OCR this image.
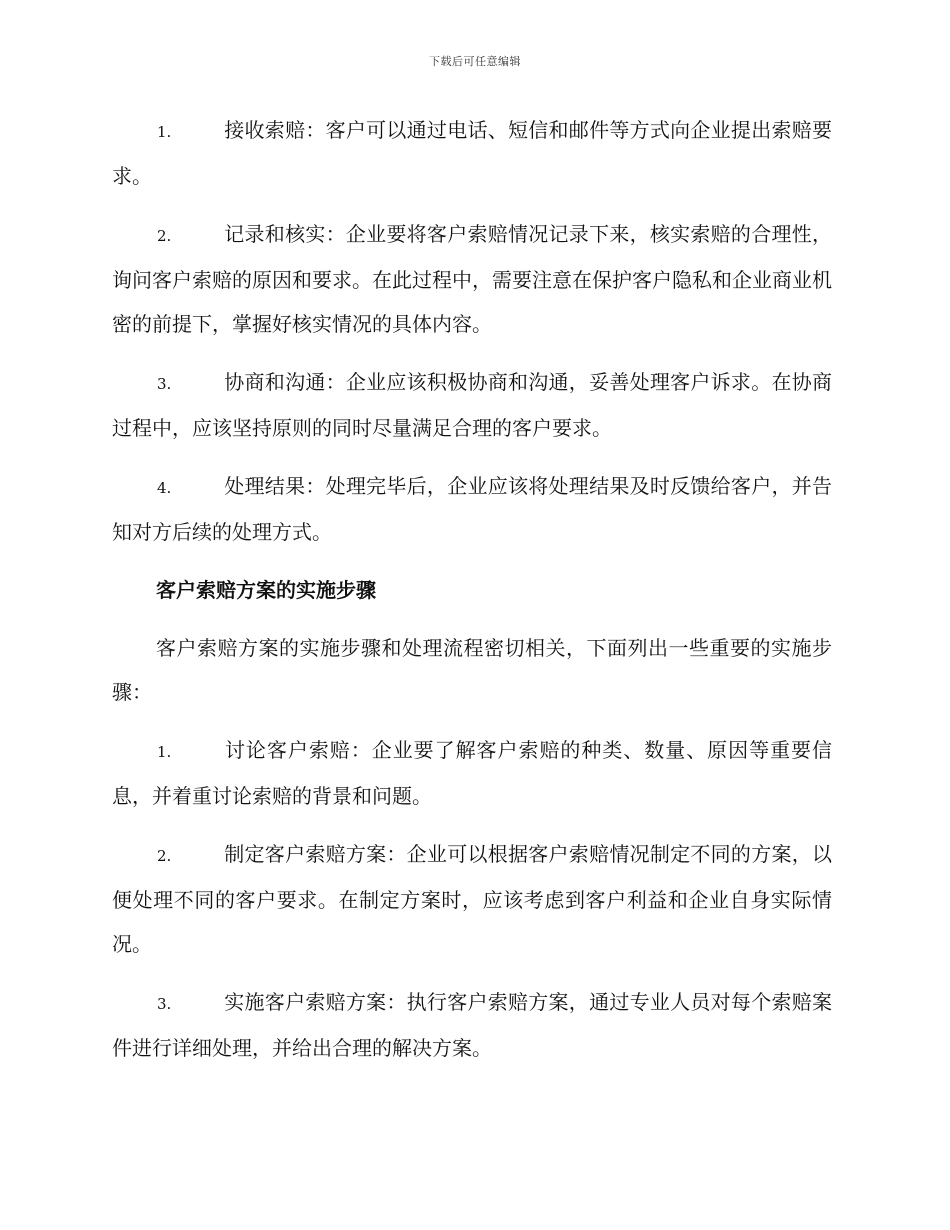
下载后可任意编辑
1.	接收索赔：客户可以通过电话、短信和邮件等方式向企业提出索赔要求。
2.	记录和核实：企业要将客户索赔情况记录下来，核实索赔的合理性，询问客户索赔的原因和要求。在此过程中，需要注意在保护客户隐私和企业商业机密的前提下，掌握好核实情况的具体内容。
3.	协商和沟通：企业应该积极协商和沟通，妥善处理客户诉求。在协商过程中，应该坚持原则的同时尽量满足合理的客户要求。
4.	处理结果：处理完毕后，企业应该将处理结果及时反馈给客户，并告知对方后续的处理方式。
客户索赔方案的实施步骤
客户索赔方案的实施步骤和处理流程密切相关，下面列出一些重要的实施步骤：
1.	讨论客户索赔：企业要了解客户索赔的种类、数量、原因等重要信息，并着重讨论索赔的背景和问题。
2.	制定客户索赔方案：企业可以根据客户索赔情况制定不同的方案，以便处理不同的客户要求。在制定方案时，应该考虑到客户利益和企业自身实际情况。
3.	实施客户索赔方案：执行客户索赔方案，通过专业人员对每个索赔案件进行详细处理，并给出合理的解决方案。
